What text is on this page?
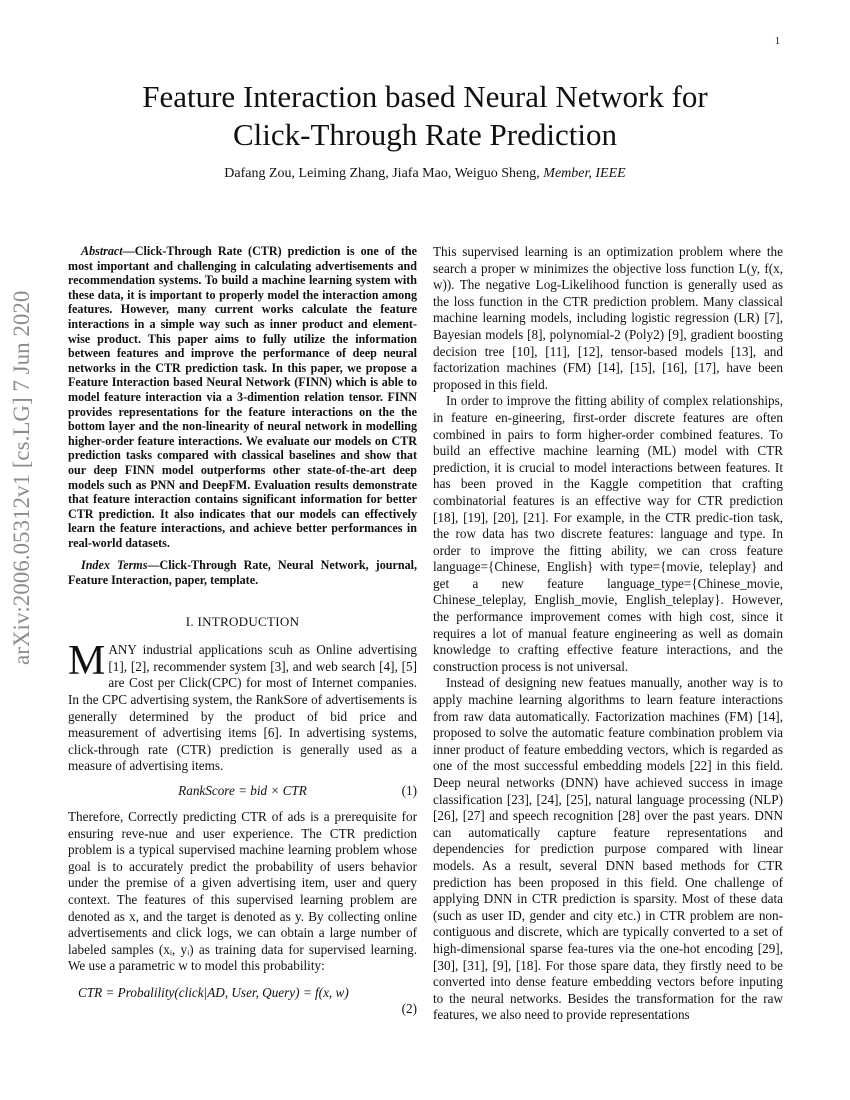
1
arXiv:2006.05312v1 [cs.LG] 7 Jun 2020
Feature Interaction based Neural Network for
Click-Through Rate Prediction
Dafang Zou, Leiming Zhang, Jiafa Mao, Weiguo Sheng, Member, IEEE

Abstract—Click-Through Rate (CTR) prediction is one of the most important and challenging in calculating advertisements and recommendation systems. To build a machine learning system with these data, it is important to properly model the interaction among features. However, many current works calculate the feature interactions in a simple way such as inner product and element-wise product. This paper aims to fully utilize the information between features and improve the performance of deep neural networks in the CTR prediction task. In this paper, we propose a Feature Interaction based Neural Network (FINN) which is able to model feature interaction via a 3-dimention relation tensor. FINN provides representations for the feature interactions on the the bottom layer and the non-linearity of neural network in modelling higher-order feature interactions. We evaluate our models on CTR prediction tasks compared with classical baselines and show that our deep FINN model outperforms other state-of-the-art deep models such as PNN and DeepFM. Evaluation results demonstrate that feature interaction contains significant information for better CTR prediction. It also indicates that our models can effectively learn the feature interactions, and achieve better performances in real-world datasets.

Index Terms—Click-Through Rate, Neural Network, journal, Feature Interaction, paper, template.

I. INTRODUCTION

MANY industrial applications scuh as Online advertising [1], [2], recommender system [3], and web search [4], [5] are Cost per Click(CPC) for most of Internet companies. In the CPC advertising system, the RankSore of advertisements is generally determined by the product of bid price and measurement of advertising items [6]. In advertising systems, click-through rate (CTR) prediction is generally used as a measure of advertising items.

RankScore = bid × CTR	(1)

Therefore, Correctly predicting CTR of ads is a prerequisite for ensuring reve-nue and user experience. The CTR prediction problem is a typical supervised machine learning problem whose goal is to accurately predict the probability of users behavior under the premise of a given advertising item, user and query context. The features of this supervised learning problem are denoted as x, and the target is denoted as y. By collecting online advertisements and click logs, we can obtain a large number of labeled samples (xᵢ, yᵢ) as training data for supervised learning. We use a parametric w to model this probability:

CTR = Probalility(click|AD, User, Query) = f(x, w)
(2)

This supervised learning is an optimization problem where the search a proper w minimizes the objective loss function L(y, f(x, w)). The negative Log-Likelihood function is generally used as the loss function in the CTR prediction problem. Many classical machine learning models, including logistic regression (LR) [7], Bayesian models [8], polynomial-2 (Poly2) [9], gradient boosting decision tree [10], [11], [12], tensor-based models [13], and factorization machines (FM) [14], [15], [16], [17], have been proposed in this field.

In order to improve the fitting ability of complex relationships, in feature en-gineering, first-order discrete features are often combined in pairs to form higher-order combined features. To build an effective machine learning (ML) model with CTR prediction, it is crucial to model interactions between features. It has been proved in the Kaggle competition that crafting combinatorial features is an effective way for CTR prediction [18], [19], [20], [21]. For example, in the CTR predic-tion task, the row data has two discrete features: language and type. In order to improve the fitting ability, we can cross feature language={Chinese, English} with type={movie, teleplay} and get a new feature language_type={Chinese_movie, Chinese_teleplay, English_movie, English_teleplay}. However, the performance improvement comes with high cost, since it requires a lot of manual feature engineering as well as domain knowledge to crafting effective feature interactions, and the construction process is not universal.

Instead of designing new featues manually, another way is to apply machine learning algorithms to learn feature interactions from raw data automatically. Factorization machines (FM) [14], proposed to solve the automatic feature combination problem via inner product of feature embedding vectors, which is regarded as one of the most successful embedding models [22] in this field. Deep neural networks (DNN) have achieved success in image classification [23], [24], [25], natural language processing (NLP) [26], [27] and speech recognition [28] over the past years. DNN can automatically capture feature representations and dependencies for prediction purpose compared with linear models. As a result, several DNN based methods for CTR prediction has been proposed in this field. One challenge of applying DNN in CTR prediction is sparsity. Most of these data (such as user ID, gender and city etc.) in CTR problem are non-contiguous and discrete, which are typically converted to a set of high-dimensional sparse fea-tures via the one-hot encoding [29], [30], [31], [9], [18]. For those spare data, they firstly need to be converted into dense feature embedding vectors before inputing to the neural networks. Besides the transformation for the raw features, we also need to provide representations
